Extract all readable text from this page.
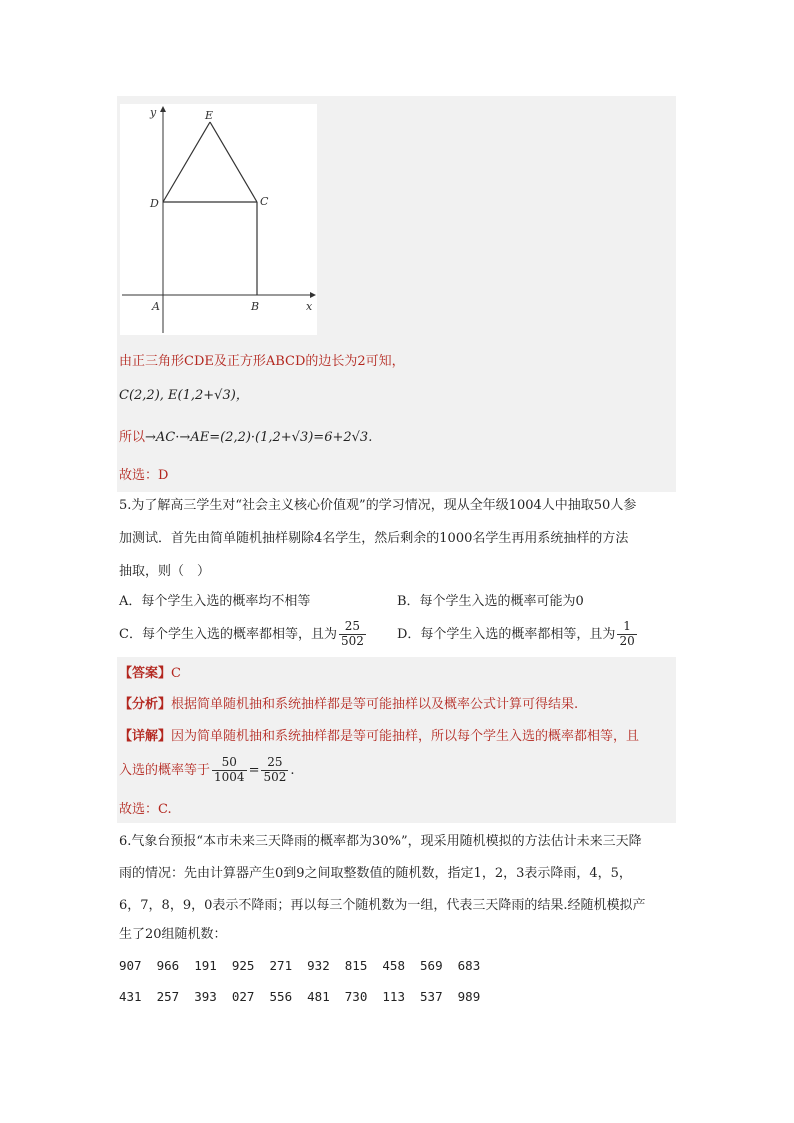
y
x
E
D	C
A	B
由正三角形CDE及正方形ABCD的边长为2可知，
C(2,2), E(1,2+√3)，
所以→AC·→AE=(2,2)·(1,2+√3)=6+2√3.
故选：D
5.为了解高三学生对“社会主义核心价值观”的学习情况，现从全年级1004人中抽取50人参
加测试．首先由简单随机抽样剔除4名学生，然后剩余的1000名学生再用系统抽样的方法
抽取，则（　）
A．每个学生入选的概率均不相等	B．每个学生入选的概率可能为0
C．每个学生入选的概率都相等，且为 $\frac{25}{502}$ D．每个学生入选的概率都相等，且为 $\frac{1}{20}$
【答案】C
【分析】根据简单随机抽和系统抽样都是等可能抽样以及概率公式计算可得结果.
【详解】因为简单随机抽和系统抽样都是等可能抽样，所以每个学生入选的概率都相等，且
入选的概率等于 $\frac{50}{1004} = \frac{25}{502}$ .
故选：C.
6.气象台预报“本市未来三天降雨的概率都为30%”，现采用随机模拟的方法估计未来三天降
雨的情况：先由计算器产生0到9之间取整数值的随机数，指定1，2，3表示降雨，4，5，
6，7，8，9，0表示不降雨；再以每三个随机数为一组，代表三天降雨的结果.经随机模拟产
生了20组随机数：
907  966  191  925  271  932  815  458  569  683
431  257  393  027  556  481  730  113  537  989
